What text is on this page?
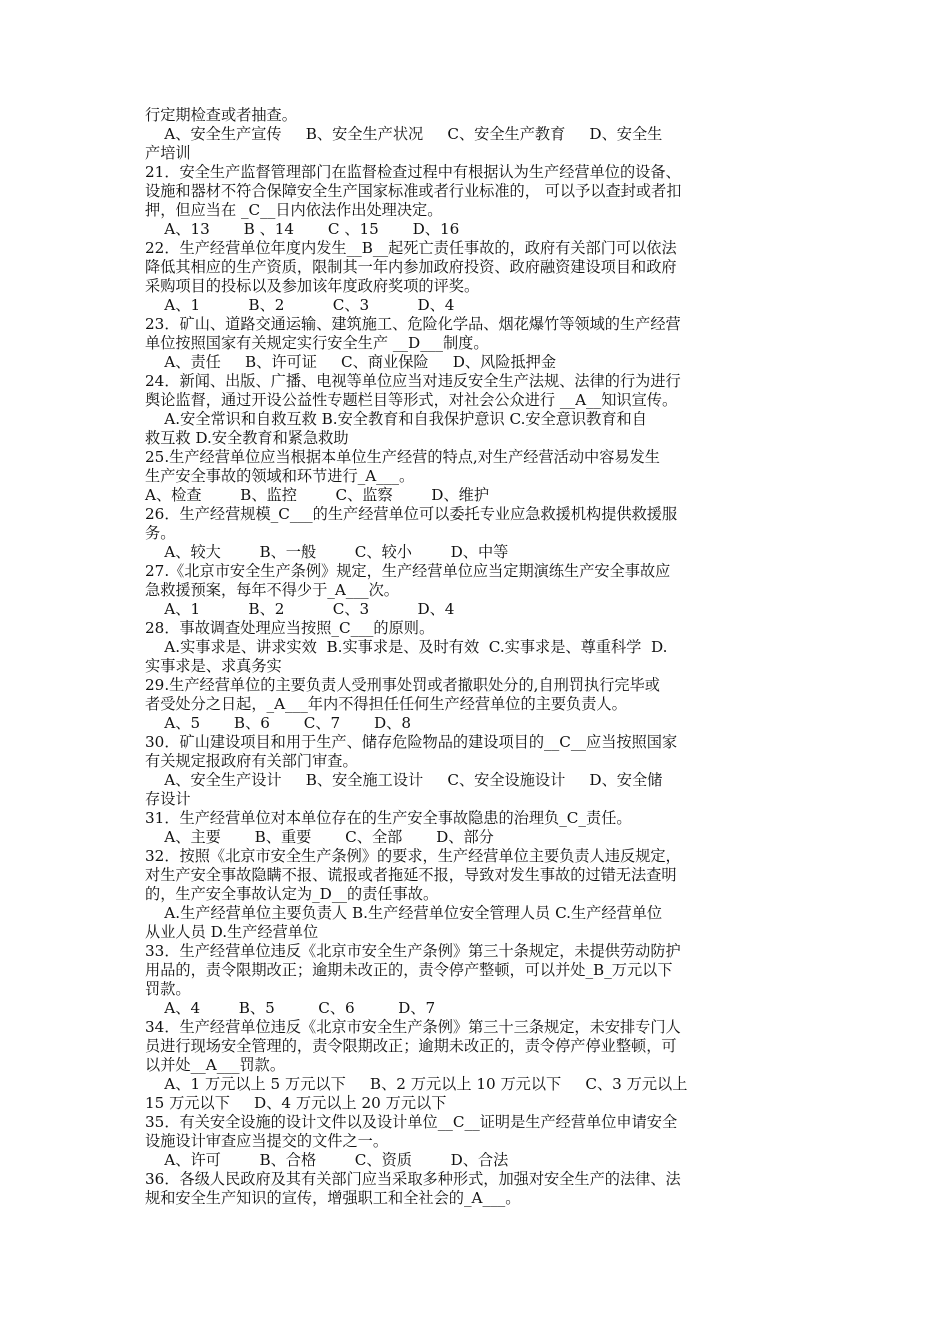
行定期检查或者抽查。
A、安全生产宣传     B、安全生产状况     C、安全生产教育     D、安全生
产培训
21．安全生产监督管理部门在监督检查过程中有根据认为生产经营单位的设备、
设施和器材不符合保障安全生产国家标准或者行业标准的， 可以予以查封或者扣
押，但应当在 _C__日内依法作出处理决定。
A、13       B 、14       C 、15       D、16
22．生产经营单位年度内发生__B__起死亡责任事故的，政府有关部门可以依法
降低其相应的生产资质，限制其一年内参加政府投资、政府融资建设项目和政府
采购项目的投标以及参加该年度政府奖项的评奖。
A、1          B、2          C、3          D、4
23．矿山、道路交通运输、建筑施工、危险化学品、烟花爆竹等领域的生产经营
单位按照国家有关规定实行安全生产 __D___制度。
A、责任     B、许可证     C、商业保险     D、风险抵押金
24．新闻、出版、广播、电视等单位应当对违反安全生产法规、法律的行为进行
舆论监督，通过开设公益性专题栏目等形式，对社会公众进行 __A__知识宣传。
A.安全常识和自救互救 B.安全教育和自我保护意识 C.安全意识教育和自
救互救 D.安全教育和紧急救助
25.生产经营单位应当根据本单位生产经营的特点,对生产经营活动中容易发生
生产安全事故的领域和环节进行_A___。
A、检查        B、监控        C、监察        D、维护
26．生产经营规模_C___的生产经营单位可以委托专业应急救援机构提供救援服
务。
A、较大        B、一般        C、较小        D、中等
27.《北京市安全生产条例》规定，生产经营单位应当定期演练生产安全事故应
急救援预案，每年不得少于_A___次。
A、1          B、2          C、3          D、4
28．事故调查处理应当按照_C___的原则。
A.实事求是、讲求实效  B.实事求是、及时有效  C.实事求是、尊重科学  D.
实事求是、求真务实
29.生产经营单位的主要负责人受刑事处罚或者撤职处分的,自刑罚执行完毕或
者受处分之日起，_A___年内不得担任任何生产经营单位的主要负责人。
A、5       B、6       C、7       D、8
30．矿山建设项目和用于生产、储存危险物品的建设项目的__C__应当按照国家
有关规定报政府有关部门审查。
A、安全生产设计     B、安全施工设计     C、安全设施设计     D、安全储
存设计
31．生产经营单位对本单位存在的生产安全事故隐患的治理负_C_责任。
A、主要       B、重要       C、全部       D、部分
32．按照《北京市安全生产条例》的要求，生产经营单位主要负责人违反规定，
对生产安全事故隐瞒不报、谎报或者拖延不报，导致对发生事故的过错无法查明
的，生产安全事故认定为_D__的责任事故。
A.生产经营单位主要负责人 B.生产经营单位安全管理人员 C.生产经营单位
从业人员 D.生产经营单位
33．生产经营单位违反《北京市安全生产条例》第三十条规定，未提供劳动防护
用品的，责令限期改正；逾期未改正的，责令停产整顿，可以并处_B_万元以下
罚款。
A、4        B、5         C、6         D、7
34．生产经营单位违反《北京市安全生产条例》第三十三条规定，未安排专门人
员进行现场安全管理的，责令限期改正；逾期未改正的，责令停产停业整顿，可
以并处__A___罚款。
A、1 万元以上 5 万元以下     B、2 万元以上 10 万元以下     C、3 万元以上
15 万元以下     D、4 万元以上 20 万元以下
35．有关安全设施的设计文件以及设计单位__C__证明是生产经营单位申请安全
设施设计审查应当提交的文件之一。
A、许可        B、合格        C、资质        D、合法
36．各级人民政府及其有关部门应当采取多种形式，加强对安全生产的法律、法
规和安全生产知识的宣传，增强职工和全社会的_A___。
